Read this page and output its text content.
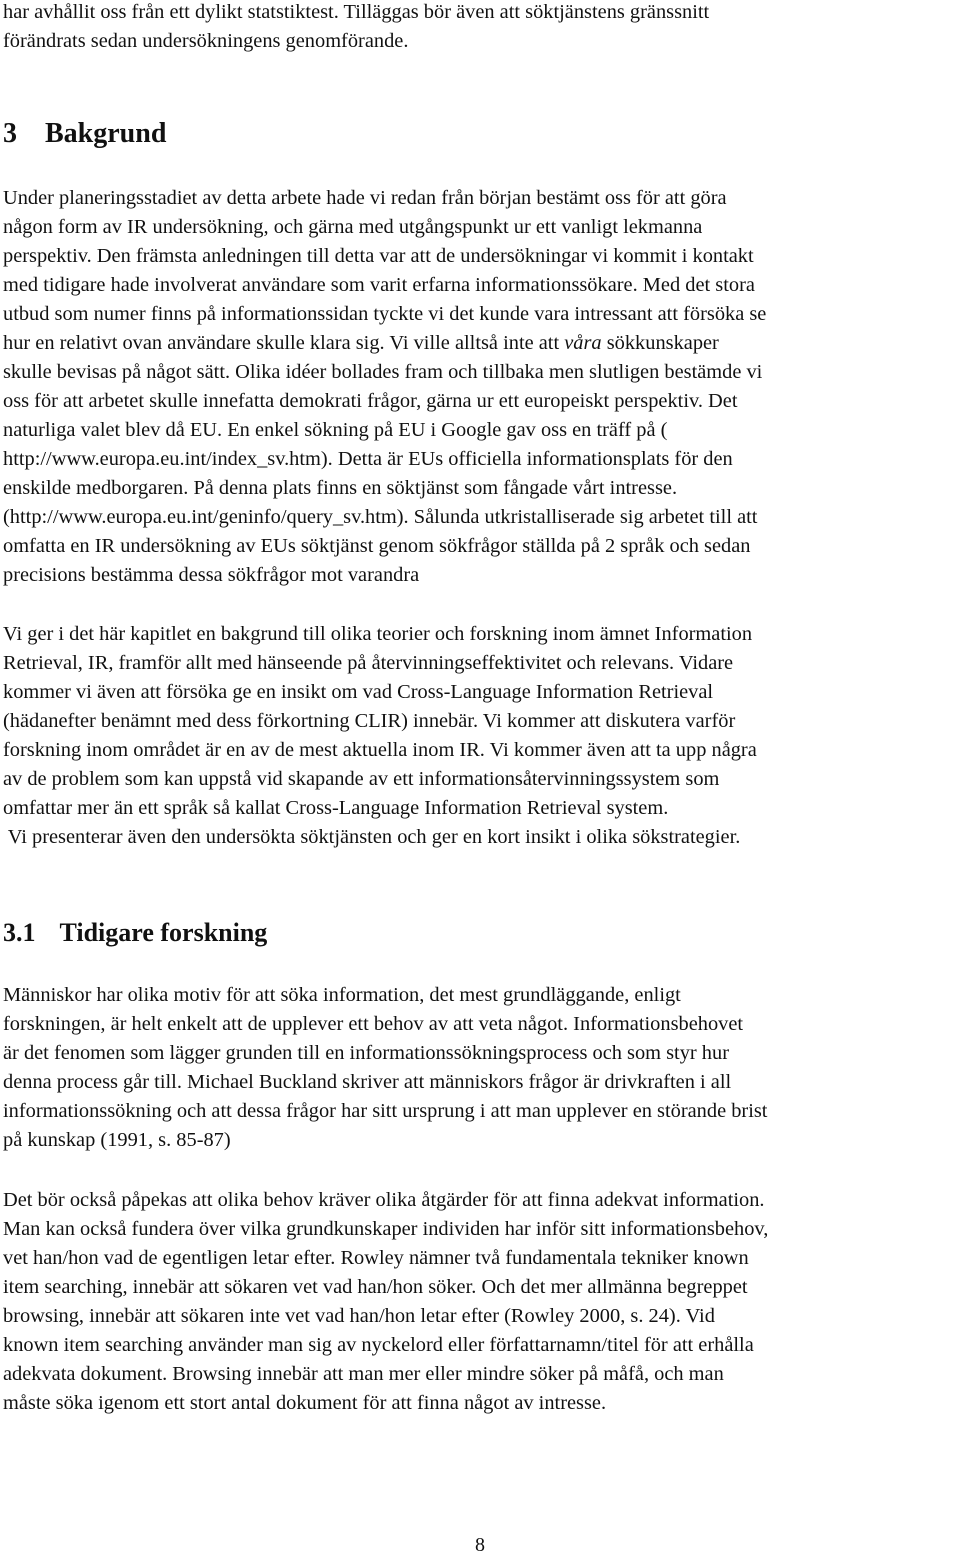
har avhållit oss från ett dylikt statstiktest. Tilläggas bör även att söktjänstens gränssnitt
förändrats sedan undersökningens genomförande.
3 Bakgrund
Under planeringsstadiet av detta arbete hade vi redan från början bestämt oss för att göra
någon form av IR undersökning, och gärna med utgångspunkt ur ett vanligt lekmanna
perspektiv. Den främsta anledningen till detta var att de undersökningar vi kommit i kontakt
med tidigare hade involverat användare som varit erfarna informationssökare. Med det stora
utbud som numer finns på informationssidan tyckte vi det kunde vara intressant att försöka se
hur en relativt ovan användare skulle klara sig. Vi ville alltså inte att våra sökkunskaper
skulle bevisas på något sätt. Olika idéer bollades fram och tillbaka men slutligen bestämde vi
oss för att arbetet skulle innefatta demokrati frågor, gärna ur ett europeiskt perspektiv. Det
naturliga valet blev då EU. En enkel sökning på EU i Google gav oss en träff på (
http://www.europa.eu.int/index_sv.htm). Detta är EUs officiella informationsplats för den
enskilde medborgaren. På denna plats finns en söktjänst som fångade vårt intresse.
(http://www.europa.eu.int/geninfo/query_sv.htm). Sålunda utkristalliserade sig arbetet till att
omfatta en IR undersökning av EUs söktjänst genom sökfrågor ställda på 2 språk och sedan
precisions bestämma dessa sökfrågor mot varandra
Vi ger i det här kapitlet en bakgrund till olika teorier och forskning inom ämnet Information
Retrieval, IR, framför allt med hänseende på återvinningseffektivitet och relevans. Vidare
kommer vi även att försöka ge en insikt om vad Cross-Language Information Retrieval
(hädanefter benämnt med dess förkortning CLIR) innebär. Vi kommer att diskutera varför
forskning inom området är en av de mest aktuella inom IR. Vi kommer även att ta upp några
av de problem som kan uppstå vid skapande av ett informationsåtervinningssystem som
omfattar mer än ett språk så kallat Cross-Language Information Retrieval system.
Vi presenterar även den undersökta söktjänsten och ger en kort insikt i olika sökstrategier.
3.1 Tidigare forskning
Människor har olika motiv för att söka information, det mest grundläggande, enligt
forskningen, är helt enkelt att de upplever ett behov av att veta något. Informationsbehovet
är det fenomen som lägger grunden till en informationssökningsprocess och som styr hur
denna process går till. Michael Buckland skriver att människors frågor är drivkraften i all
informationssökning och att dessa frågor har sitt ursprung i att man upplever en störande brist
på kunskap (1991, s. 85-87)
Det bör också påpekas att olika behov kräver olika åtgärder för att finna adekvat information.
Man kan också fundera över vilka grundkunskaper individen har inför sitt informationsbehov,
vet han/hon vad de egentligen letar efter. Rowley nämner två fundamentala tekniker known
item searching, innebär att sökaren vet vad han/hon söker. Och det mer allmänna begreppet
browsing, innebär att sökaren inte vet vad han/hon letar efter (Rowley 2000, s. 24). Vid
known item searching använder man sig av nyckelord eller författarnamn/titel för att erhålla
adekvata dokument. Browsing innebär att man mer eller mindre söker på måfå, och man
måste söka igenom ett stort antal dokument för att finna något av intresse.
8
